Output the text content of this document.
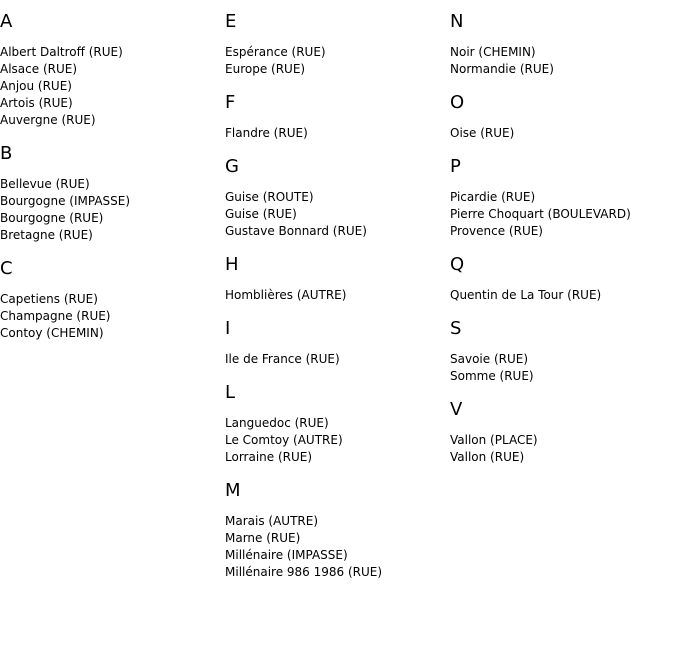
A
Albert Daltroff (RUE)
Alsace (RUE)
Anjou (RUE)
Artois (RUE)
Auvergne (RUE)
B
Bellevue (RUE)
Bourgogne (IMPASSE)
Bourgogne (RUE)
Bretagne (RUE)
C
Capetiens (RUE)
Champagne (RUE)
Contoy (CHEMIN)
E
Espérance (RUE)
Europe (RUE)
F
Flandre (RUE)
G
Guise (ROUTE)
Guise (RUE)
Gustave Bonnard (RUE)
H
Homblières (AUTRE)
I
Ile de France (RUE)
L
Languedoc (RUE)
Le Comtoy (AUTRE)
Lorraine (RUE)
M
Marais (AUTRE)
Marne (RUE)
Millénaire (IMPASSE)
Millénaire 986 1986 (RUE)
N
Noir (CHEMIN)
Normandie (RUE)
O
Oise (RUE)
P
Picardie (RUE)
Pierre Choquart (BOULEVARD)
Provence (RUE)
Q
Quentin de La Tour (RUE)
S
Savoie (RUE)
Somme (RUE)
V
Vallon (PLACE)
Vallon (RUE)
